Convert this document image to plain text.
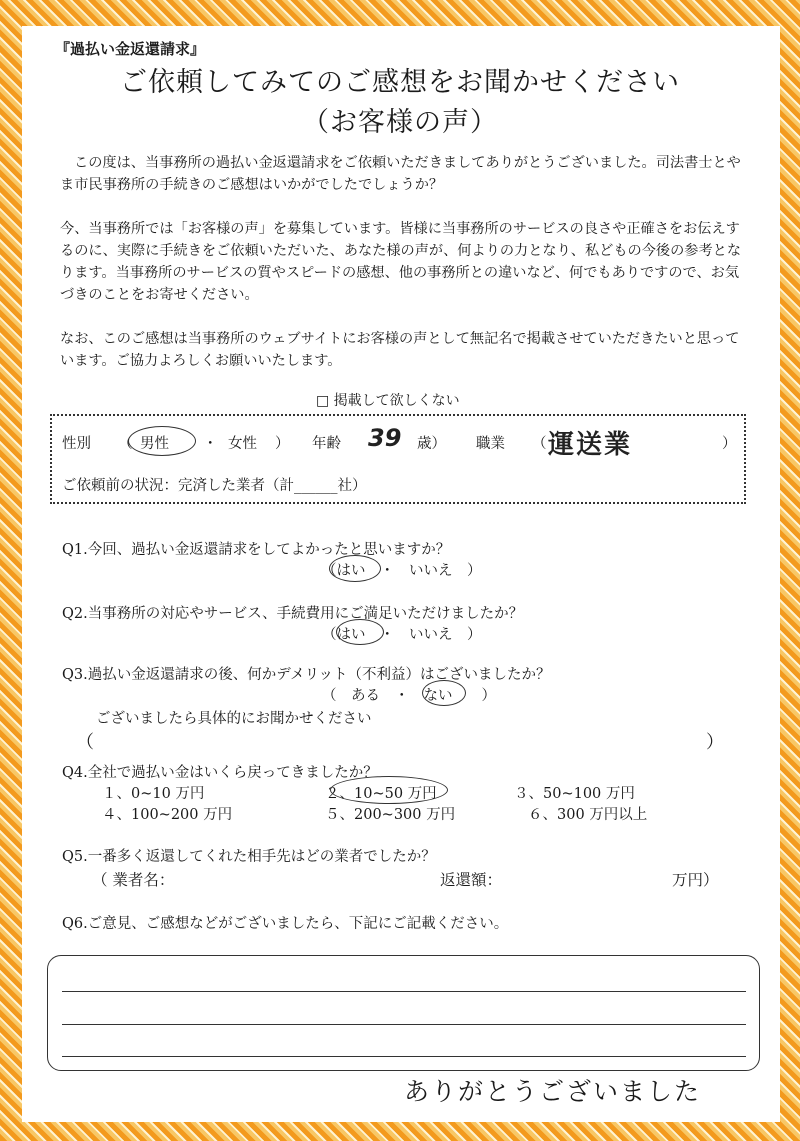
『過払い金返還請求』
ご依頼してみてのご感想をお聞かせください
（お客様の声）
この度は、当事務所の過払い金返還請求をご依頼いただきましてありがとうございました。司法書士とやま市民事務所の手続きのご感想はいかがでしたでしょうか？
今、当事務所では「お客様の声」を募集しています。皆様に当事務所のサービスの良さや正確さをお伝えするのに、実際に手続きをご依頼いただいた、あなた様の声が、何よりの力となり、私どもの今後の参考となります。当事務所のサービスの質やスピードの感想、他の事務所との違いなど、何でもありですので、お気づきのことをお寄せください。
なお、このご感想は当事務所のウェブサイトにお客様の声として無記名で掲載させていただきたいと思っています。ご協力よろしくお願いいたします。
□ 掲載して欲しくない
性別 （ 男性 ・ 女性 ） 年齢 39 歳） 職業 （ 運送業	）
ご依頼前の状況：完済した業者（計______社）
Q1.今回、過払い金返還請求をしてよかったと思いますか？
（はい　・　いいえ　）
Q2.当事務所の対応やサービス、手続費用にご満足いただけましたか？
（はい　・　いいえ　）
Q3.過払い金返還請求の後、何かデメリット（不利益）はございましたか？
（　ある　・　ない　　）
ございましたら具体的にお聞かせください
（	）
Q4.全社で過払い金はいくら戻ってきましたか？
１、0~10 万円	２、10~50 万円	３、50~100 万円
４、100~200 万円	５、200~300 万円	６、300 万円以上
Q5.一番多く返還してくれた相手先はどの業者でしたか？
（ 業者名：	返還額：	万円）
Q6.ご意見、ご感想などがございましたら、下記にご記載ください。
ありがとうございました
